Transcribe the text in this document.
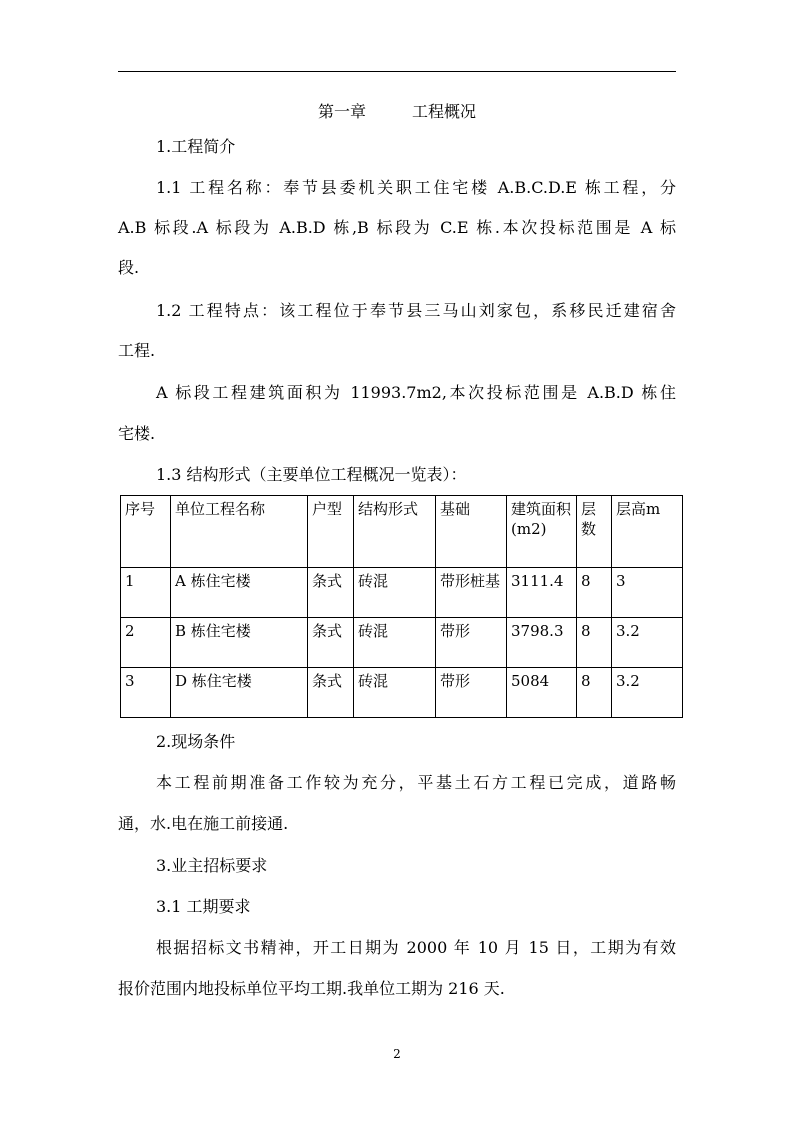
第一章	工程概况
1.工程简介
1.1 工程名称：奉节县委机关职工住宅楼 A.B.C.D.E 栋工程，分
A.B 标段.A 标段为 A.B.D 栋,B 标段为 C.E 栋.本次投标范围是 A 标
段.
1.2 工程特点：该工程位于奉节县三马山刘家包，系移民迁建宿舍
工程.
A 标段工程建筑面积为 11993.7m2,本次投标范围是 A.B.D 栋住
宅楼.
1.3 结构形式（主要单位工程概况一览表）：
序号	单位工程名称	户型	结构形式	基础	建筑面积(m2)	层数	层高m
1	A 栋住宅楼	条式	砖混	带形桩基	3111.4	8	3
2	B 栋住宅楼	条式	砖混	带形	3798.3	8	3.2
3	D 栋住宅楼	条式	砖混	带形	5084	8	3.2
2.现场条件
本工程前期准备工作较为充分，平基土石方工程已完成，道路畅
通，水.电在施工前接通.
3.业主招标要求
3.1 工期要求
根据招标文书精神，开工日期为 2000 年 10 月 15 日，工期为有效
报价范围内地投标单位平均工期.我单位工期为 216 天.
2
